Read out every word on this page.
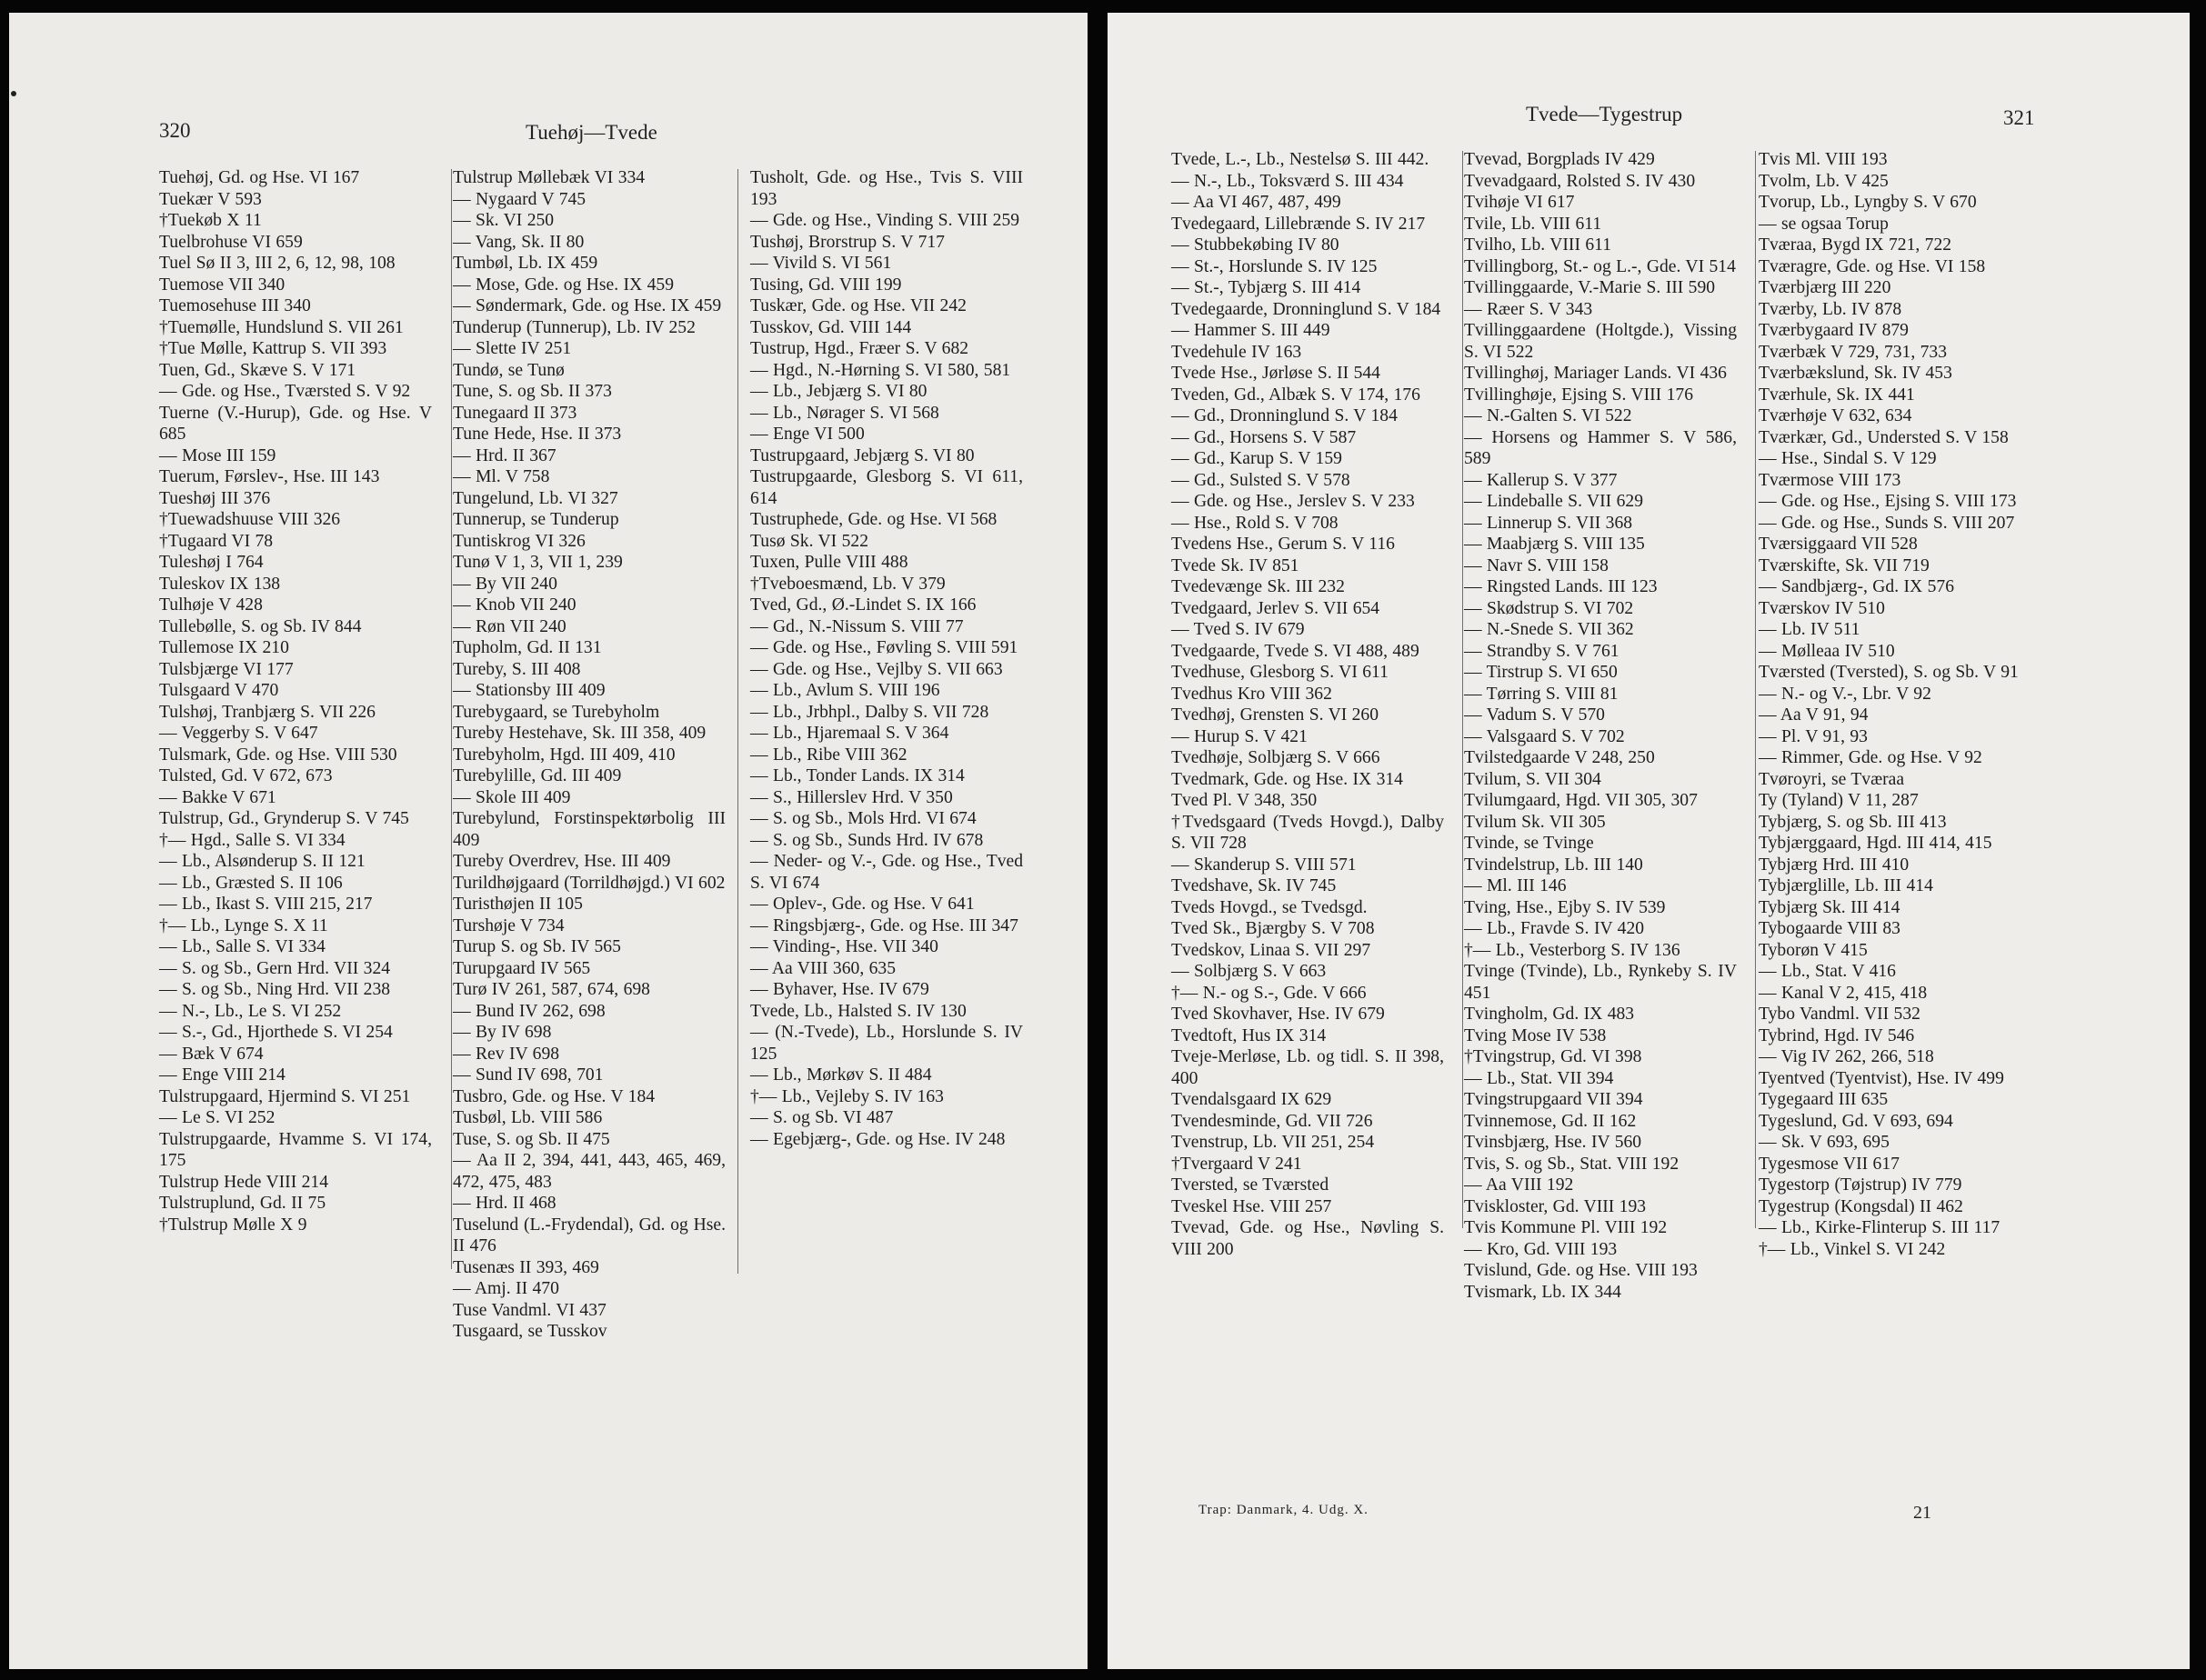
320	Tuehøj—Tvede

Tuehøj, Gd. og Hse. VI 167
Tuekær V 593
†Tuekøb X 11
Tuelbrohuse VI 659
Tuel Sø II 3, III 2, 6, 12, 98, 108
Tuemose VII 340
Tuemosehuse III 340
†Tuemølle, Hundslund S. VII 261
†Tue Mølle, Kattrup S. VII 393
Tuen, Gd., Skæve S. V 171
— Gde. og Hse., Tværsted S. V 92
Tuerne (V.-Hurup), Gde. og Hse. V 685
— Mose III 159
Tuerum, Førslev-, Hse. III 143
Tueshøj III 376
†Tuewadshuuse VIII 326
†Tugaard VI 78
Tuleshøj I 764
Tuleskov IX 138
Tulhøje V 428
Tullebølle, S. og Sb. IV 844
Tullemose IX 210
Tulsbjærge VI 177
Tulsgaard V 470
Tulshøj, Tranbjærg S. VII 226
— Veggerby S. V 647
Tulsmark, Gde. og Hse. VIII 530
Tulsted, Gd. V 672, 673
— Bakke V 671
Tulstrup, Gd., Grynderup S. V 745
†— Hgd., Salle S. VI 334
— Lb., Alsønderup S. II 121
— Lb., Græsted S. II 106
— Lb., Ikast S. VIII 215, 217
†— Lb., Lynge S. X 11
— Lb., Salle S. VI 334
— S. og Sb., Gern Hrd. VII 324
— S. og Sb., Ning Hrd. VII 238
— N.-, Lb., Le S. VI 252
— S.-, Gd., Hjorthede S. VI 254
— Bæk V 674
— Enge VIII 214
Tulstrupgaard, Hjermind S. VI 251
— Le S. VI 252
Tulstrupgaarde, Hvamme S. VI 174, 175
Tulstrup Hede VIII 214
Tulstruplund, Gd. II 75
†Tulstrup Mølle X 9
Tulstrup Møllebæk VI 334
— Nygaard V 745
— Sk. VI 250
— Vang, Sk. II 80
Tumbøl, Lb. IX 459
— Mose, Gde. og Hse. IX 459
— Søndermark, Gde. og Hse. IX 459
Tunderup (Tunnerup), Lb. IV 252
— Slette IV 251
Tundø, se Tunø
Tune, S. og Sb. II 373
Tunegaard II 373
Tune Hede, Hse. II 373
— Hrd. II 367
— Ml. V 758
Tungelund, Lb. VI 327
Tunnerup, se Tunderup
Tuntiskrog VI 326
Tunø V 1, 3, VII 1, 239
— By VII 240
— Knob VII 240
— Røn VII 240
Tupholm, Gd. II 131
Tureby, S. III 408
— Stationsby III 409
Turebygaard, se Turebyholm
Tureby Hestehave, Sk. III 358, 409
Turebyholm, Hgd. III 409, 410
Turebylille, Gd. III 409
— Skole III 409
Turebylund, Forstinspektørbolig III 409
Tureby Overdrev, Hse. III 409
Turildhøjgaard (Torrildhøjgd.) VI 602
Turisthøjen II 105
Turshøje V 734
Turup S. og Sb. IV 565
Turupgaard IV 565
Turø IV 261, 587, 674, 698
— Bund IV 262, 698
— By IV 698
— Rev IV 698
— Sund IV 698, 701
Tusbro, Gde. og Hse. V 184
Tusbøl, Lb. VIII 586
Tuse, S. og Sb. II 475
— Aa II 2, 394, 441, 443, 465, 469, 472, 475, 483
— Hrd. II 468
Tuselund (L.-Frydendal), Gd. og Hse. II 476
Tusenæs II 393, 469
— Amj. II 470
Tuse Vandml. VI 437
Tusgaard, se Tusskov
Tusholt, Gde. og Hse., Tvis S. VIII 193
— Gde. og Hse., Vinding S. VIII 259
Tushøj, Brorstrup S. V 717
— Vivild S. VI 561
Tusing, Gd. VIII 199
Tuskær, Gde. og Hse. VII 242
Tusskov, Gd. VIII 144
Tustrup, Hgd., Fræer S. V 682
— Hgd., N.-Hørning S. VI 580, 581
— Lb., Jebjærg S. VI 80
— Lb., Nørager S. VI 568
— Enge VI 500
Tustrupgaard, Jebjærg S. VI 80
Tustrupgaarde, Glesborg S. VI 611, 614
Tustruphede, Gde. og Hse. VI 568
Tusø Sk. VI 522
Tuxen, Pulle VIII 488
†Tveboesmænd, Lb. V 379
Tved, Gd., Ø.-Lindet S. IX 166
— Gd., N.-Nissum S. VIII 77
— Gde. og Hse., Føvling S. VIII 591
— Gde. og Hse., Vejlby S. VII 663
— Lb., Avlum S. VIII 196
— Lb., Jrbhpl., Dalby S. VII 728
— Lb., Hjaremaal S. V 364
— Lb., Ribe VIII 362
— Lb., Tonder Lands. IX 314
— S., Hillerslev Hrd. V 350
— S. og Sb., Mols Hrd. VI 674
— S. og Sb., Sunds Hrd. IV 678
— Neder- og V.-, Gde. og Hse., Tved S. VI 674
— Oplev-, Gde. og Hse. V 641
— Ringsbjærg-, Gde. og Hse. III 347
— Vinding-, Hse. VII 340
— Aa VIII 360, 635
— Byhaver, Hse. IV 679
Tvede, Lb., Halsted S. IV 130
— (N.-Tvede), Lb., Horslunde S. IV 125
— Lb., Mørkøv S. II 484
†— Lb., Vejleby S. IV 163
— S. og Sb. VI 487
— Egebjærg-, Gde. og Hse. IV 248

Tvede—Tygestrup	321

Tvede, L.-, Lb., Nestelsø S. III 442.
— N.-, Lb., Toksværd S. III 434
— Aa VI 467, 487, 499
Tvedegaard, Lillebrænde S. IV 217
— Stubbekøbing IV 80
— St.-, Horslunde S. IV 125
— St.-, Tybjærg S. III 414
Tvedegaarde, Dronninglund S. V 184
— Hammer S. III 449
Tvedehule IV 163
Tvede Hse., Jørløse S. II 544
Tveden, Gd., Albæk S. V 174, 176
— Gd., Dronninglund S. V 184
— Gd., Horsens S. V 587
— Gd., Karup S. V 159
— Gd., Sulsted S. V 578
— Gde. og Hse., Jerslev S. V 233
— Hse., Rold S. V 708
Tvedens Hse., Gerum S. V 116
Tvede Sk. IV 851
Tvedevænge Sk. III 232
Tvedgaard, Jerlev S. VII 654
— Tved S. IV 679
Tvedgaarde, Tvede S. VI 488, 489
Tvedhuse, Glesborg S. VI 611
Tvedhus Kro VIII 362
Tvedhøj, Grensten S. VI 260
— Hurup S. V 421
Tvedhøje, Solbjærg S. V 666
Tvedmark, Gde. og Hse. IX 314
Tved Pl. V 348, 350
†Tvedsgaard (Tveds Hovgd.), Dalby S. VII 728
— Skanderup S. VIII 571
Tvedshave, Sk. IV 745
Tveds Hovgd., se Tvedsgd.
Tved Sk., Bjærgby S. V 708
Tvedskov, Linaa S. VII 297
— Solbjærg S. V 663
†— N.- og S.-, Gde. V 666
Tved Skovhaver, Hse. IV 679
Tvedtoft, Hus IX 314
Tveje-Merløse, Lb. og tidl. S. II 398, 400
Tvendalsgaard IX 629
Tvendesminde, Gd. VII 726
Tvenstrup, Lb. VII 251, 254
†Tvergaard V 241
Tversted, se Tværsted
Tveskel Hse. VIII 257
Tvevad, Gde. og Hse., Nøvling S. VIII 200
Tvevad, Borgplads IV 429
Tvevadgaard, Rolsted S. IV 430
Tvihøje VI 617
Tvile, Lb. VIII 611
Tvilho, Lb. VIII 611
Tvillingborg, St.- og L.-, Gde. VI 514
Tvillinggaarde, V.-Marie S. III 590
— Ræer S. V 343
Tvillinggaardene (Holtgde.), Vissing S. VI 522
Tvillinghøj, Mariager Lands. VI 436
Tvillinghøje, Ejsing S. VIII 176
— N.-Galten S. VI 522
— Horsens og Hammer S. V 586, 589
— Kallerup S. V 377
— Lindeballe S. VII 629
— Linnerup S. VII 368
— Maabjærg S. VIII 135
— Navr S. VIII 158
— Ringsted Lands. III 123
— Skødstrup S. VI 702
— N.-Snede S. VII 362
— Strandby S. V 761
— Tirstrup S. VI 650
— Tørring S. VIII 81
— Vadum S. V 570
— Valsgaard S. V 702
Tvilstedgaarde V 248, 250
Tvilum, S. VII 304
Tvilumgaard, Hgd. VII 305, 307
Tvilum Sk. VII 305
Tvinde, se Tvinge
Tvindelstrup, Lb. III 140
— Ml. III 146
Tving, Hse., Ejby S. IV 539
— Lb., Fravde S. IV 420
†— Lb., Vesterborg S. IV 136
Tvinge (Tvinde), Lb., Rynkeby S. IV 451
Tvingholm, Gd. IX 483
Tving Mose IV 538
†Tvingstrup, Gd. VI 398
— Lb., Stat. VII 394
Tvingstrupgaard VII 394
Tvinnemose, Gd. II 162
Tvinsbjærg, Hse. IV 560
Tvis, S. og Sb., Stat. VIII 192
— Aa VIII 192
Tviskloster, Gd. VIII 193
Tvis Kommune Pl. VIII 192
— Kro, Gd. VIII 193
Tvislund, Gde. og Hse. VIII 193
Tvismark, Lb. IX 344
Tvis Ml. VIII 193
Tvolm, Lb. V 425
Tvorup, Lb., Lyngby S. V 670
— se ogsaa Torup
Tværaa, Bygd IX 721, 722
Tværagre, Gde. og Hse. VI 158
Tværbjærg III 220
Tværby, Lb. IV 878
Tværbygaard IV 879
Tværbæk V 729, 731, 733
Tværbækslund, Sk. IV 453
Tværhule, Sk. IX 441
Tværhøje V 632, 634
Tværkær, Gd., Understed S. V 158
— Hse., Sindal S. V 129
Tværmose VIII 173
— Gde. og Hse., Ejsing S. VIII 173
— Gde. og Hse., Sunds S. VIII 207
Tværsiggaard VII 528
Tværskifte, Sk. VII 719
— Sandbjærg-, Gd. IX 576
Tværskov IV 510
— Lb. IV 511
— Mølleaa IV 510
Tværsted (Tversted), S. og Sb. V 91
— N.- og V.-, Lbr. V 92
— Aa V 91, 94
— Pl. V 91, 93
— Rimmer, Gde. og Hse. V 92
Tvøroyri, se Tværaa
Ty (Tyland) V 11, 287
Tybjærg, S. og Sb. III 413
Tybjærggaard, Hgd. III 414, 415
Tybjærg Hrd. III 410
Tybjærglille, Lb. III 414
Tybjærg Sk. III 414
Tybogaarde VIII 83
Tyborøn V 415
— Lb., Stat. V 416
— Kanal V 2, 415, 418
Tybo Vandml. VII 532
Tybrind, Hgd. IV 546
— Vig IV 262, 266, 518
Tyentved (Tyentvist), Hse. IV 499
Tygegaard III 635
Tygeslund, Gd. V 693, 694
— Sk. V 693, 695
Tygesmose VII 617
Tygestorp (Tøjstrup) IV 779
Tygestrup (Kongsdal) II 462
— Lb., Kirke-Flinterup S. III 117
†— Lb., Vinkel S. VI 242

Trap: Danmark, 4. Udg. X.	21
